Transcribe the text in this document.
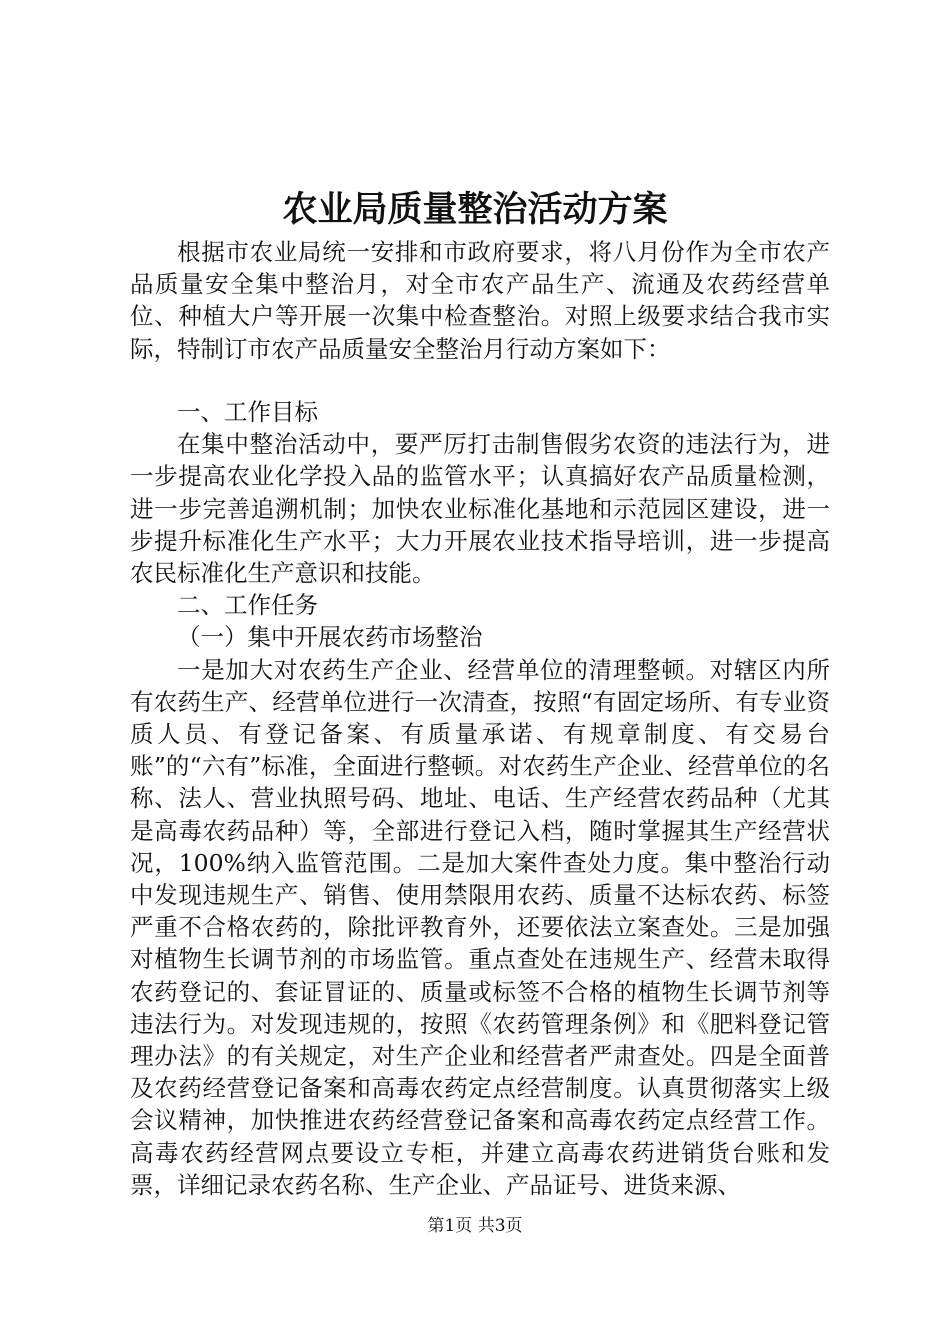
农业局质量整治活动方案

根据市农业局统一安排和市政府要求，将八月份作为全市农产品质量安全集中整治月，对全市农产品生产、流通及农药经营单位、种植大户等开展一次集中检查整治。对照上级要求结合我市实际，特制订市农产品质量安全整治月行动方案如下：

一、工作目标

在集中整治活动中，要严厉打击制售假劣农资的违法行为，进一步提高农业化学投入品的监管水平；认真搞好农产品质量检测，进一步完善追溯机制；加快农业标准化基地和示范园区建设，进一步提升标准化生产水平；大力开展农业技术指导培训，进一步提高农民标准化生产意识和技能。

二、工作任务

（一）集中开展农药市场整治

一是加大对农药生产企业、经营单位的清理整顿。对辖区内所有农药生产、经营单位进行一次清查，按照“有固定场所、有专业资质人员、有登记备案、有质量承诺、有规章制度、有交易台账”的“六有”标准，全面进行整顿。对农药生产企业、经营单位的名称、法人、营业执照号码、地址、电话、生产经营农药品种（尤其是高毒农药品种）等，全部进行登记入档，随时掌握其生产经营状况，100%纳入监管范围。二是加大案件查处力度。集中整治行动中发现违规生产、销售、使用禁限用农药、质量不达标农药、标签严重不合格农药的，除批评教育外，还要依法立案查处。三是加强对植物生长调节剂的市场监管。重点查处在违规生产、经营未取得农药登记的、套证冒证的、质量或标签不合格的植物生长调节剂等违法行为。对发现违规的，按照《农药管理条例》和《肥料登记管理办法》的有关规定，对生产企业和经营者严肃查处。四是全面普及农药经营登记备案和高毒农药定点经营制度。认真贯彻落实上级会议精神，加快推进农药经营登记备案和高毒农药定点经营工作。高毒农药经营网点要设立专柜，并建立高毒农药进销货台账和发票，详细记录农药名称、生产企业、产品证号、进货来源、

第1页 共3页
